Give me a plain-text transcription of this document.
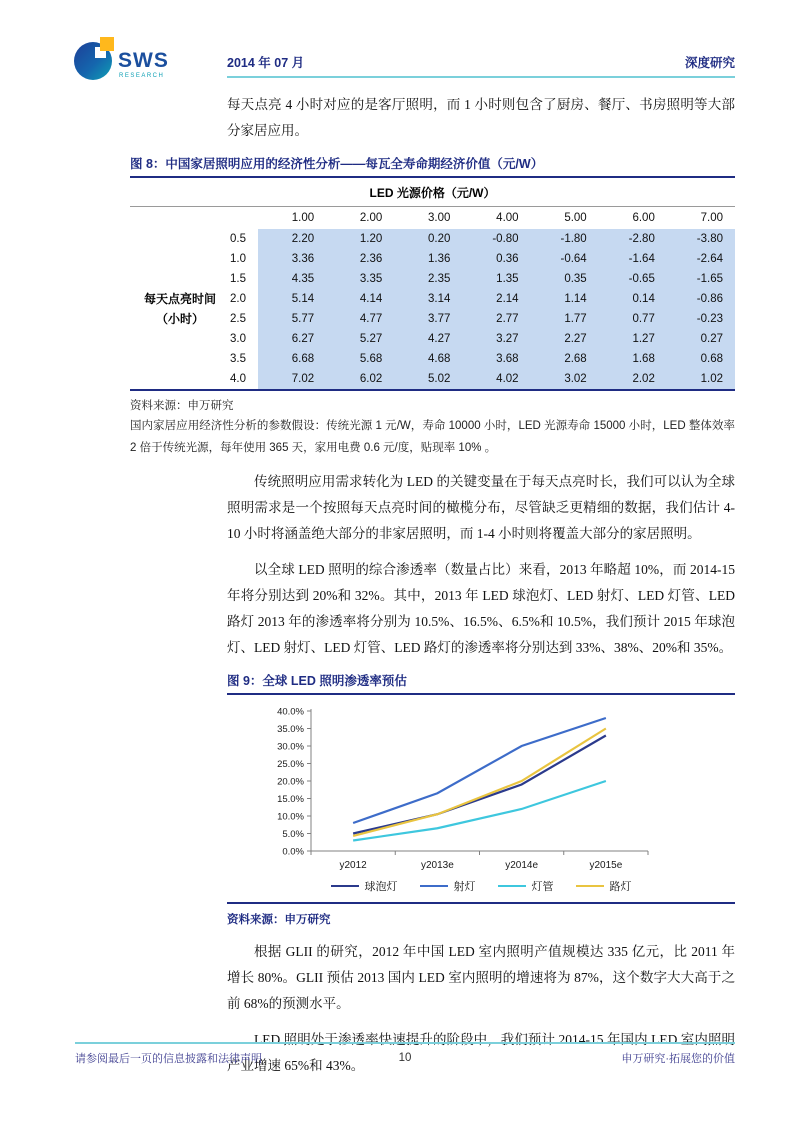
SWS
RESEARCH
2014 年 07 月	深度研究

每天点亮 4 小时对应的是客厅照明，而 1 小时则包含了厨房、餐厅、书房照明等大部分家居应用。

图 8：中国家居照明应用的经济性分析——每瓦全寿命期经济价值（元/W）
LED 光源价格（元/W）
1.00	2.00	3.00	4.00	5.00	6.00	7.00
0.5	2.20	1.20	0.20	-0.80	-1.80	-2.80	-3.80
1.0	3.36	2.36	1.36	0.36	-0.64	-1.64	-2.64
1.5	4.35	3.35	2.35	1.35	0.35	-0.65	-1.65
2.0	5.14	4.14	3.14	2.14	1.14	0.14	-0.86
2.5	5.77	4.77	3.77	2.77	1.77	0.77	-0.23
3.0	6.27	5.27	4.27	3.27	2.27	1.27	0.27
3.5	6.68	5.68	4.68	3.68	2.68	1.68	0.68
4.0	7.02	6.02	5.02	4.02	3.02	2.02	1.02
每天点亮时间
（小时）
资料来源：申万研究
国内家居应用经济性分析的参数假设：传统光源 1 元/W，寿命 10000 小时，LED 光源寿命 15000 小时，LED 整体效率 2 倍于传统光源，每年使用 365 天，家用电费 0.6 元/度，贴现率 10% 。

传统照明应用需求转化为 LED 的关键变量在于每天点亮时长，我们可以认为全球照明需求是一个按照每天点亮时间的橄榄分布，尽管缺乏更精细的数据，我们估计 4-10 小时将涵盖绝大部分的非家居照明，而 1-4 小时则将覆盖大部分的家居照明。

以全球 LED 照明的综合渗透率（数量占比）来看，2013 年略超 10%，而 2014-15 年将分别达到 20%和 32%。其中，2013 年 LED 球泡灯、LED 射灯、LED 灯管、LED 路灯 2013 年的渗透率将分别为 10.5%、16.5%、6.5%和 10.5%，我们预计 2015 年球泡灯、LED 射灯、LED 灯管、LED 路灯的渗透率将分别达到 33%、38%、20%和 35%。

图 9：全球 LED 照明渗透率预估
0.0%
5.0%
10.0%
15.0%
20.0%
25.0%
30.0%
35.0%
40.0%
y2012	y2013e	y2014e	y2015e
球泡灯	射灯	灯管	路灯
资料来源：申万研究

根据 GLII 的研究，2012 年中国 LED 室内照明产值规模达 335 亿元，比 2011 年增长 80%。GLII 预估 2013 国内 LED 室内照明的增速将为 87%，这个数字大大高于之前 68%的预测水平。

LED 照明处于渗透率快速提升的阶段中，我们预计 2014-15 年国内 LED 室内照明产业增速 65%和 43%。

请参阅最后一页的信息披露和法律声明	10	申万研究·拓展您的价值
